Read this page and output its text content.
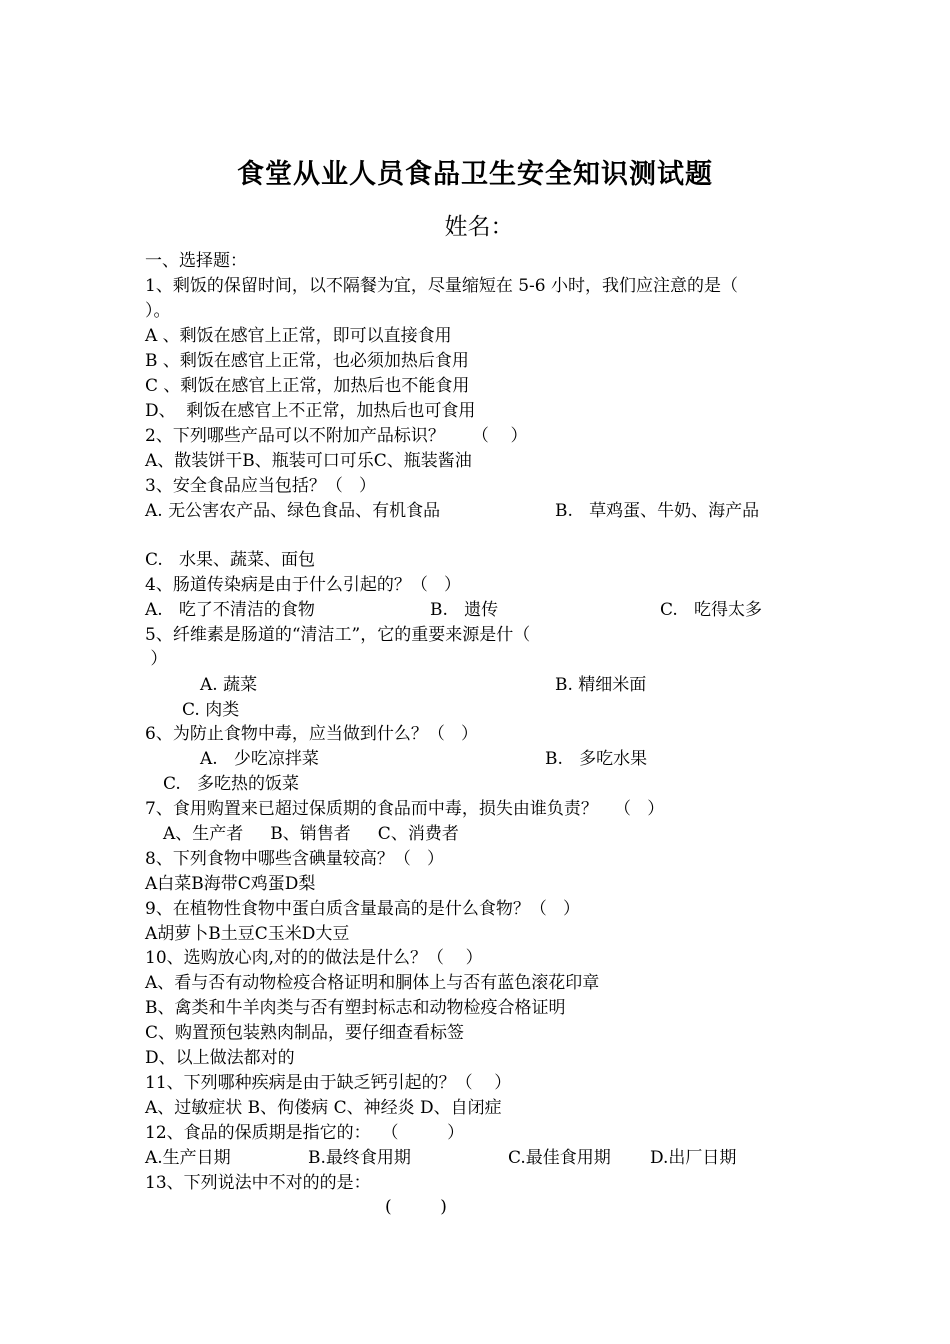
食堂从业人员食品卫生安全知识测试题
姓名：
一、选择题：
1、剩饭的保留时间，以不隔餐为宜，尽量缩短在 5-6 小时，我们应注意的是（
）。
A 、剩饭在感官上正常，即可以直接食用
B 、剩饭在感官上正常，也必须加热后食用
C 、剩饭在感官上正常，加热后也不能食用
D、  剩饭在感官上不正常，加热后也可食用
2、下列哪些产品可以不附加产品标识？     （    ）
A、散装饼干B、瓶装可口可乐C、瓶装酱油
3、安全食品应当包括？（   ）
A. 无公害农产品、绿色食品、有机食品	B.   草鸡蛋、牛奶、海产品
C.   水果、蔬菜、面包
4、肠道传染病是由于什么引起的？（   ）
A.   吃了不清洁的食物	B.   遗传	C.   吃得太多
5、纤维素是肠道的“清洁工”，它的重要来源是什（
）
A. 蔬菜	B. 精细米面
C. 肉类
6、为防止食物中毒，应当做到什么？（   ）
A.   少吃凉拌菜	B.   多吃水果
C.   多吃热的饭菜
7、食用购置来已超过保质期的食品而中毒，损失由谁负责？   （   ）
A、生产者     B、销售者     C、消费者
8、下列食物中哪些含碘量较高？（   ）
A白菜B海带C鸡蛋D梨
9、在植物性食物中蛋白质含量最高的是什么食物？（   ）
A胡萝卜B土豆C玉米D大豆
10、选购放心肉,对的的做法是什么？（    ）
A、看与否有动物检疫合格证明和胴体上与否有蓝色滚花印章
B、禽类和牛羊肉类与否有塑封标志和动物检疫合格证明
C、购置预包装熟肉制品，要仔细查看标签
D、以上做法都对的
11、下列哪种疾病是由于缺乏钙引起的？（    ）
A、过敏症状 B、佝偻病 C、神经炎 D、自闭症
12、食品的保质期是指它的：  （         ）
A.生产日期	B.最终食用期	C.最佳食用期 D.出厂日期
13、下列说法中不对的的是：
(         )
